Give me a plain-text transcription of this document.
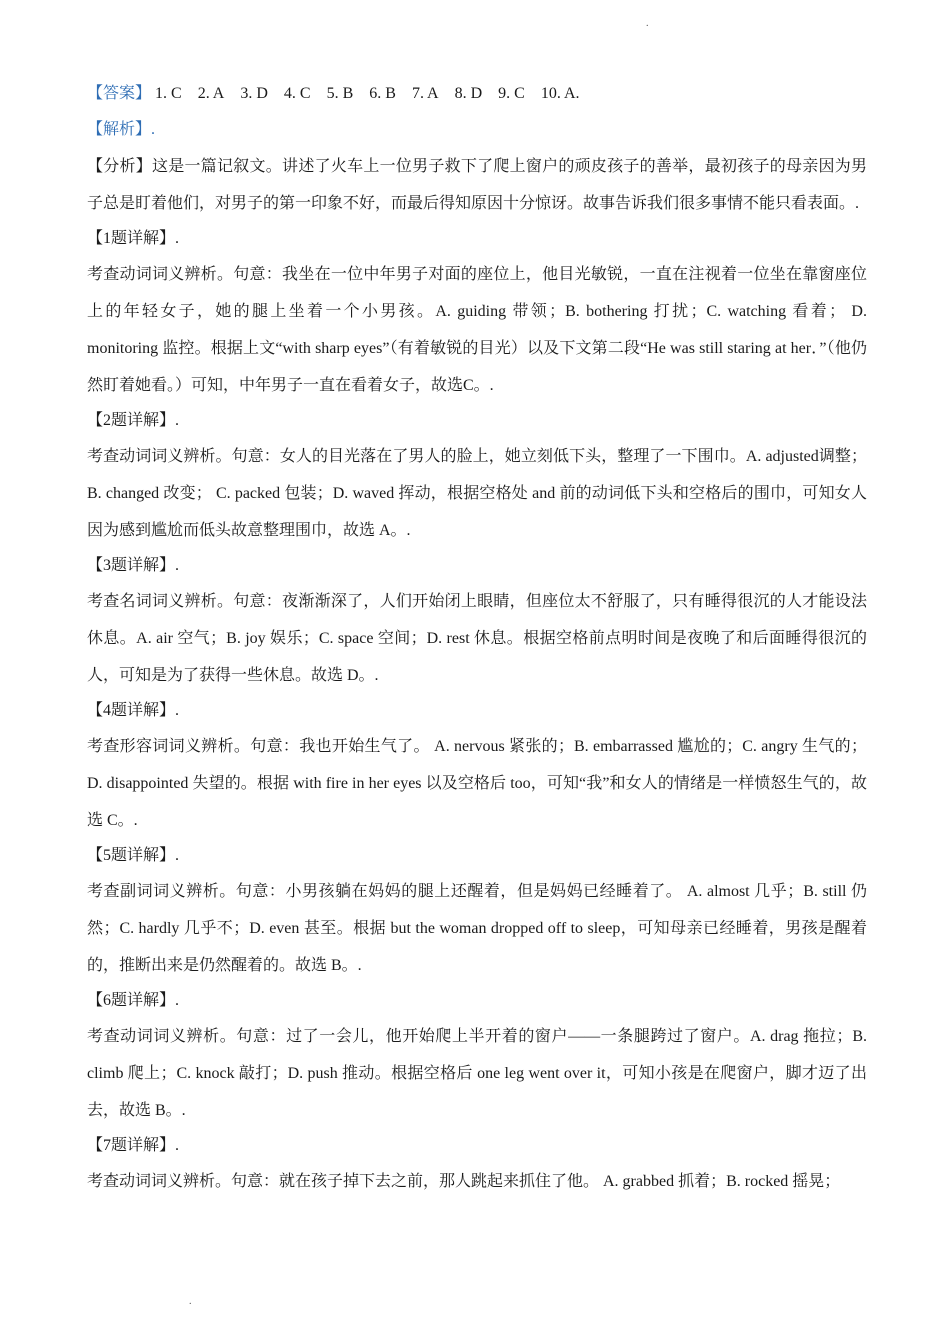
.
【答案】 1. C 2. A 3. D 4. C 5. B 6. B 7. A 8. D 9. C 10. A.
【解析】.
【分析】这是一篇记叙文。讲述了火车上一位男子救下了爬上窗户的顽皮孩子的善举，最初孩子的母亲因为男子总是盯着他们，对男子的第一印象不好，而最后得知原因十分惊讶。故事告诉我们很多事情不能只看表面。.
【1题详解】.
考查动词词义辨析。句意：我坐在一位中年男子对面的座位上，他目光敏锐，一直在注视着一位坐在靠窗座位上的年轻女子，她的腿上坐着一个小男孩。A. guiding 带领；B. bothering 打扰；C. watching 看着； D. monitoring 监控。根据上文“with sharp eyes”（有着敏锐的目光）以及下文第二段“He was still staring at her．”（他仍然盯着她看。）可知，中年男子一直在看着女子，故选C。.
【2题详解】.
考查动词词义辨析。句意：女人的目光落在了男人的脸上，她立刻低下头，整理了一下围巾。A. adjusted调整；B. changed 改变； C. packed 包装；D. waved 挥动，根据空格处 and 前的动词低下头和空格后的围巾，可知女人因为感到尴尬而低头故意整理围巾，故选 A。.
【3题详解】.
考查名词词义辨析。句意：夜渐渐深了，人们开始闭上眼睛，但座位太不舒服了，只有睡得很沉的人才能设法休息。A. air 空气；B. joy 娱乐；C. space 空间；D. rest 休息。根据空格前点明时间是夜晚了和后面睡得很沉的人，可知是为了获得一些休息。故选 D。.
【4题详解】.
考查形容词词义辨析。句意：我也开始生气了。 A. nervous 紧张的；B. embarrassed 尴尬的；C. angry 生气的；D. disappointed 失望的。根据 with fire in her eyes 以及空格后 too，可知“我”和女人的情绪是一样愤怒生气的，故选 C。.
【5题详解】.
考查副词词义辨析。句意：小男孩躺在妈妈的腿上还醒着，但是妈妈已经睡着了。 A. almost 几乎；B. still 仍然；C. hardly 几乎不；D. even 甚至。根据 but the woman dropped off to sleep，可知母亲已经睡着，男孩是醒着的，推断出来是仍然醒着的。故选 B。.
【6题详解】.
考查动词词义辨析。句意：过了一会儿，他开始爬上半开着的窗户——一条腿跨过了窗户。A. drag 拖拉；B. climb 爬上；C. knock 敲打；D. push 推动。根据空格后 one leg went over it，可知小孩是在爬窗户，脚才迈了出去，故选 B。.
【7题详解】.
考查动词词义辨析。句意：就在孩子掉下去之前，那人跳起来抓住了他。 A. grabbed 抓着；B. rocked 摇晃；
.
